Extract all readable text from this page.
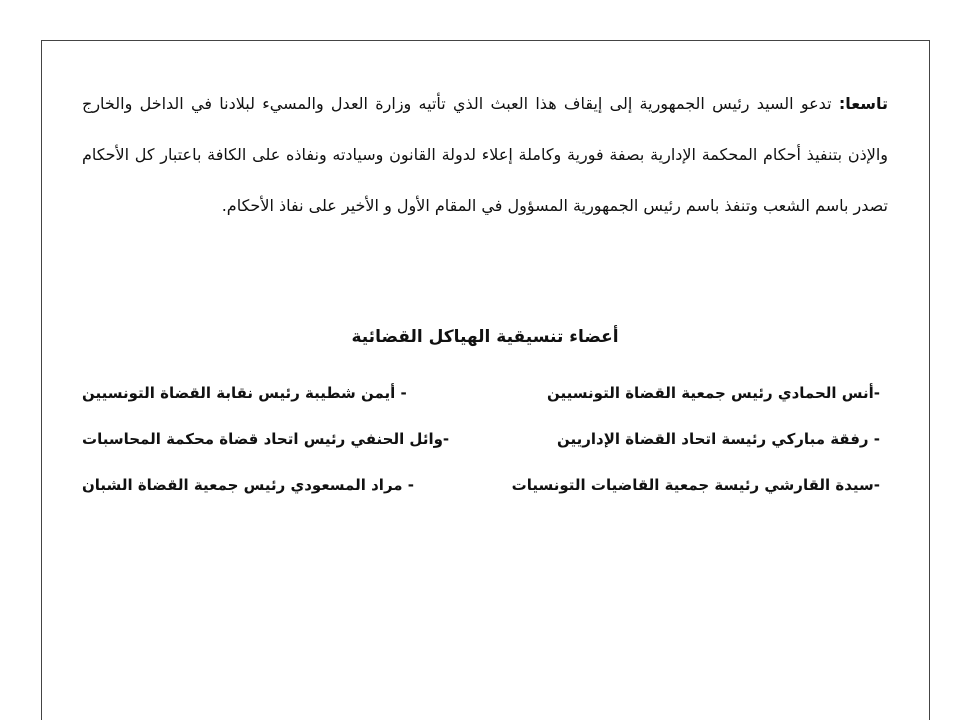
تاسعا: تدعو السيد رئيس الجمهورية إلى إيقاف هذا العبث الذي تأتيه وزارة العدل والمسيء لبلادنا في الداخل والخارج والإذن بتنفيذ أحكام المحكمة الإدارية بصفة فورية وكاملة إعلاء لدولة القانون وسيادته ونفاذه على الكافة باعتبار كل الأحكام تصدر باسم الشعب وتنفذ باسم رئيس الجمهورية المسؤول في المقام الأول و الأخير على نفاذ الأحكام.

أعضاء تنسيقية الهياكل القضائية
-أنس الحمادي رئيس جمعية القضاة التونسيين
- أيمن شطيبة رئيس نقابة القضاة التونسيين
- رفقة مباركي رئيسة اتحاد القضاة الإداريين
-وائل الحنفي رئيس اتحاد قضاة محكمة المحاسبات
-سيدة القارشي رئيسة جمعية القاضيات التونسيات
- مراد المسعودي رئيس جمعية القضاة الشبان
